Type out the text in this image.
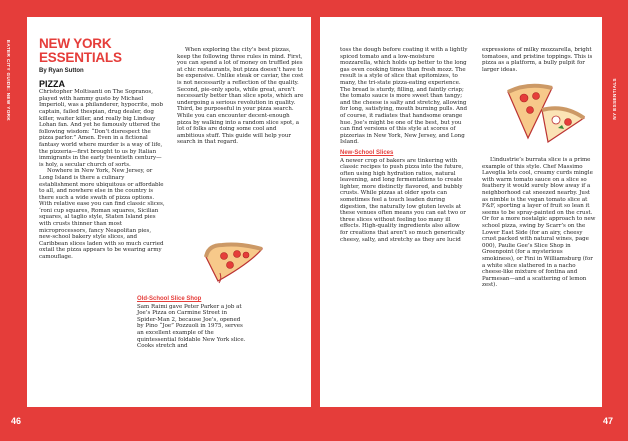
EATER CITY GUIDE: NEW YORK	NY ESSENTIALS
NEW YORK
ESSENTIALS
By Ryan Sutton
PIZZA

Christopher Moltisanti on The Sopranos, played with hammy gusto by Michael Imperioli, was a philanderer, hypocrite, mob captain, failed thespian, drug dealer, dog killer, waiter killer, and really big Lindsay Lohan fan. And yet he famously uttered the following wisdom: “Don’t disrespect the pizza parlor.” Amen. Even in a fictional fantasy world where murder is a way of life, the pizzeria—first brought to us by Italian immigrants in the early twentieth century—is holy, a secular church of sorts.

Nowhere in New York, New Jersey, or Long Island is there a culinary establishment more ubiquitous or affordable to all, and nowhere else in the country is there such a wide swath of pizza options. With relative ease you can find classic slices, ‘roni cup squares, Roman squares, Sicilian squares, al taglio style, Staten Island pies with crusts thinner than most microprocessors, fancy Neapolitan pies, new-school bakery style slices, and Caribbean slices laden with so much curried oxtail the pizza appears to be wearing army camouflage.

When exploring the city’s best pizzas, keep the following three rules in mind. First, you can spend a lot of money on truffled pies at chic restaurants, but pizza doesn’t have to be expensive. Unlike steak or caviar, the cost is not necessarily a reflection of the quality. Second, pie-only spots, while great, aren’t necessarily better than slice spots, which are undergoing a serious revolution in quality. Third, be purposeful in your pizza search. While you can encounter decent-enough pizza by walking into a random slice spot, a lot of folks are doing some cool and ambitious stuff. This guide will help your search in that regard.

Old-School Slice Shop

Sam Raimi gave Peter Parker a job at Joe’s Pizza on Carmine Street in Spider-Man 2, because Joe’s, opened by Pino “Joe” Pozzuoli in 1975, serves an excellent example of the quintessential foldable New York slice. Cooks stretch and

toss the dough before coating it with a lightly spiced tomato and a low-moisture mozzarella, which holds up better to the long gas oven cooking times than fresh mozz. The result is a style of slice that epitomizes, to many, the tri-state pizza-eating experience. The bread is sturdy, filling, and faintly crisp; the tomato sauce is more sweet than tangy; and the cheese is salty and stretchy, allowing for long, satisfying, mouth burning pulls. And of course, it radiates that handsome orange hue. Joe’s might be one of the best, but you can find versions of this style at scores of pizzerias in New York, New Jersey, and Long Island.

New-School Slices

A newer crop of bakers are tinkering with classic recipes to push pizza into the future, often using high hydration ratios, natural leavening, and long fermentations to create lighter, more distinctly flavored, and bubbly crusts. While pizzas at older spots can sometimes feel a touch leaden during digestion, the naturally low gluten levels at these venues often means you can eat two or three slices without feeling too many ill effects. High-quality ingredients also allow for creations that aren’t so much generically cheesy, salty, and stretchy as they are lucid

expressions of milky mozzarella, bright tomatoes, and pristine toppings. This is pizza as a platform, a bully pulpit for larger ideas.

L’industrie’s burrata slice is a prime example of this style. Chef Massimo Laveglia lets cool, creamy curds mingle with warm tomato sauce on a slice so feathery it would surely blow away if a neighborhood cat sneezed nearby. Just as nimble is the vegan tomato slice at F&F, sporting a layer of fruit so lean it seems to be spray-painted on the crust. Or for a more nostalgic approach to new school pizza, swing by Scarr’s on the Lower East Side (for an airy, cheesy crust packed with natural wines, page 000), Paulie Gee’s Slice Shop in Greenpoint (for a mysterious smokiness), or Fini in Williamsburg (for a white slice slathered in a nacho cheese-like mixture of fontina and Parmesan—and a scattering of lemon zest).

46	47
